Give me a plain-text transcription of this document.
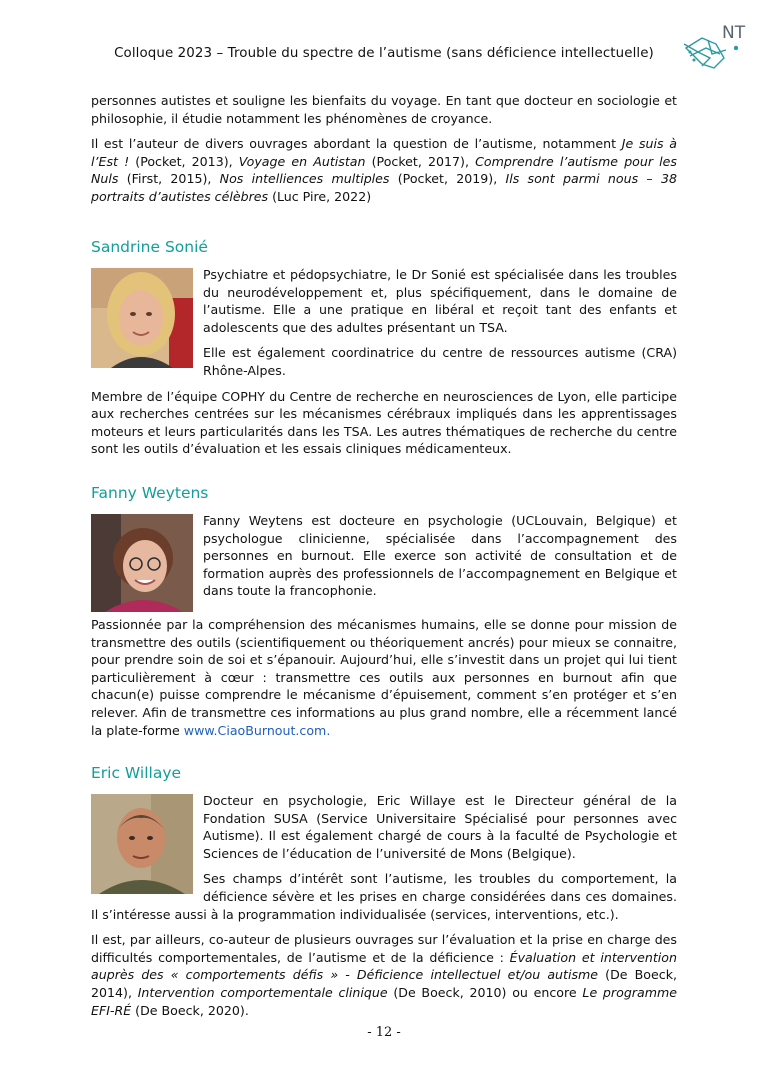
Colloque 2023 – Trouble du spectre de l’autisme (sans déficience intellectuelle)
NT

personnes autistes et souligne les bienfaits du voyage. En tant que docteur en sociologie et philosophie, il étudie notamment les phénomènes de croyance.

Il est l’auteur de divers ouvrages abordant la question de l’autisme, notamment Je suis à l’Est ! (Pocket, 2013), Voyage en Autistan (Pocket, 2017), Comprendre l’autisme pour les Nuls (First, 2015), Nos intelliences multiples (Pocket, 2019), Ils sont parmi nous – 38 portraits d’autistes célèbres (Luc Pire, 2022)

Sandrine Sonié

Psychiatre et pédopsychiatre, le Dr Sonié est spécialisée dans les troubles du neurodéveloppement et, plus spécifiquement, dans le domaine de l’autisme. Elle a une pratique en libéral et reçoit tant des enfants et adolescents que des adultes présentant un TSA.

Elle est également coordinatrice du centre de ressources autisme (CRA) Rhône-Alpes.

Membre de l’équipe COPHY du Centre de recherche en neurosciences de Lyon, elle participe aux recherches centrées sur les mécanismes cérébraux impliqués dans les apprentissages moteurs et leurs particularités dans les TSA. Les autres thématiques de recherche du centre sont les outils d’évaluation et les essais cliniques médicamenteux.

Fanny Weytens

Fanny Weytens est docteure en psychologie (UCLouvain, Belgique) et psychologue clinicienne, spécialisée dans l’accompagnement des personnes en burnout. Elle exerce son activité de consultation et de formation auprès des professionnels de l’accompagnement en Belgique et dans toute la francophonie.

Passionnée par la compréhension des mécanismes humains, elle se donne pour mission de transmettre des outils (scientifiquement ou théoriquement ancrés) pour mieux se connaitre, pour prendre soin de soi et s’épanouir. Aujourd’hui, elle s’investit dans un projet qui lui tient particulièrement à cœur : transmettre ces outils aux personnes en burnout afin que chacun(e) puisse comprendre le mécanisme d’épuisement, comment s’en protéger et s’en relever. Afin de transmettre ces informations au plus grand nombre, elle a récemment lancé la plate-forme www.CiaoBurnout.com.

Eric Willaye

Docteur en psychologie, Eric Willaye est le Directeur général de la Fondation SUSA (Service Universitaire Spécialisé pour personnes avec Autisme). Il est également chargé de cours à la faculté de Psychologie et Sciences de l’éducation de l’université de Mons (Belgique).

Ses champs d’intérêt sont l’autisme, les troubles du comportement, la déficience sévère et les prises en charge considérées dans ces domaines. Il s’intéresse aussi à la programmation individualisée (services, interventions, etc.).

Il est, par ailleurs, co-auteur de plusieurs ouvrages sur l’évaluation et la prise en charge des difficultés comportementales, de l’autisme et de la déficience : Évaluation et intervention auprès des « comportements défis » - Déficience intellectuel et/ou autisme (De Boeck, 2014), Intervention comportementale clinique (De Boeck, 2010) ou encore Le programme EFI-RÉ (De Boeck, 2020).

- 12 -
